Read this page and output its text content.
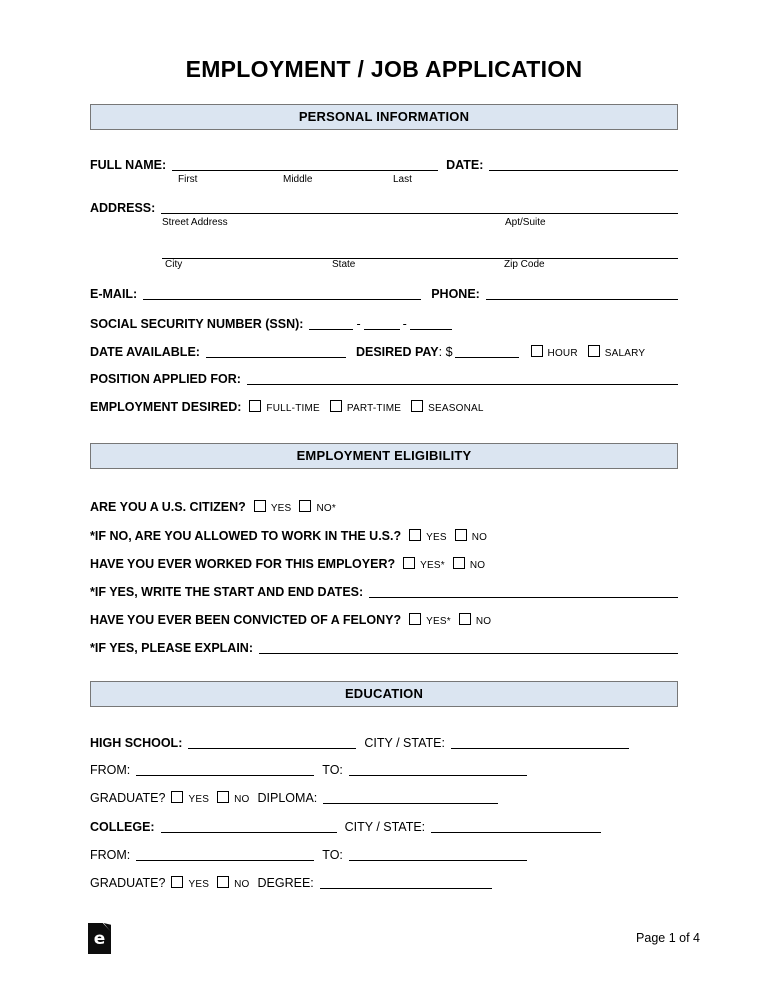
EMPLOYMENT / JOB APPLICATION
PERSONAL INFORMATION
FULL NAME:	DATE:
First	Middle	Last
ADDRESS:
Street Address	Apt/Suite
City	State	Zip Code
E-MAIL:	PHONE:
SOCIAL SECURITY NUMBER (SSN):	-	-
DATE AVAILABLE:	DESIRED PAY : $	HOUR	SALARY
POSITION APPLIED FOR:
EMPLOYMENT DESIRED:	FULL-TIME	PART-TIME	SEASONAL
EMPLOYMENT ELIGIBILITY
ARE YOU A U.S. CITIZEN?	YES	NO*
*IF NO, ARE YOU ALLOWED TO WORK IN THE U.S.?	YES	NO
HAVE YOU EVER WORKED FOR THIS EMPLOYER?	YES*	NO
*IF YES, WRITE THE START AND END DATES:
HAVE YOU EVER BEEN CONVICTED OF A FELONY?	YES*	NO
*IF YES, PLEASE EXPLAIN:
EDUCATION
HIGH SCHOOL:	CITY / STATE:
FROM:	TO:
GRADUATE? YES	NO DIPLOMA:
COLLEGE:	CITY / STATE:
FROM:	TO:
GRADUATE? YES	NO DEGREE:
e	Page 1 of 4
